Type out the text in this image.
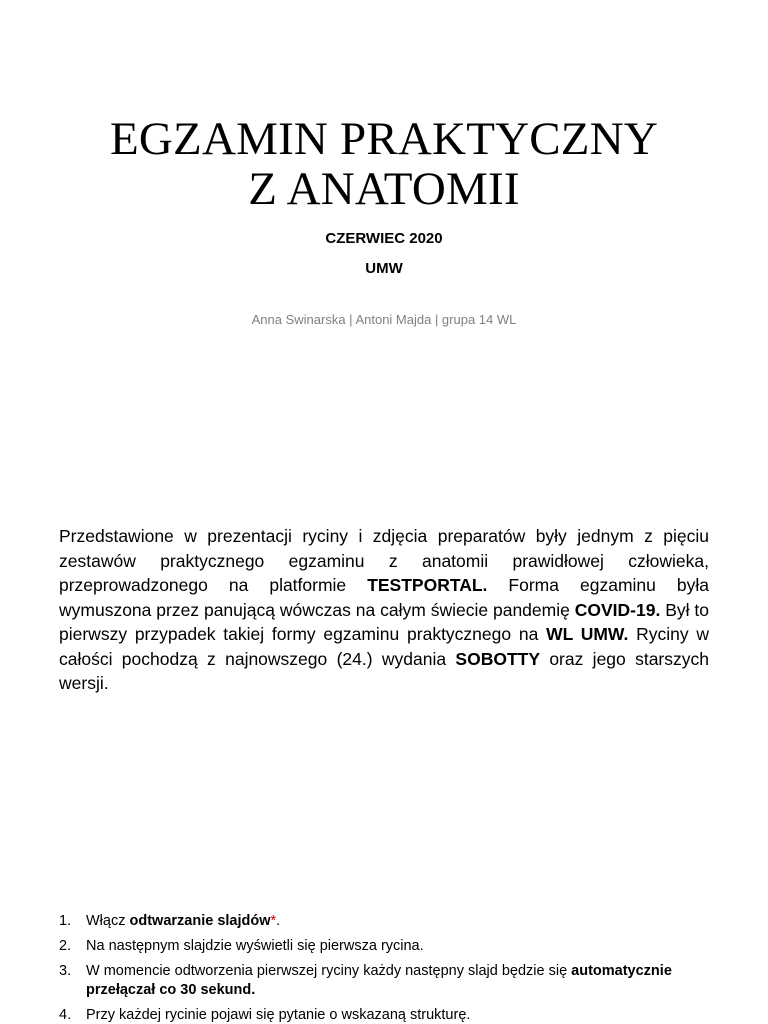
EGZAMIN PRAKTYCZNY
Z ANATOMII
CZERWIEC 2020
UMW
Anna Swinarska | Antoni Majda | grupa 14 WL

Przedstawione w prezentacji ryciny i zdjęcia preparatów były jednym z pięciu zestawów praktycznego egzaminu z anatomii prawidłowej człowieka, przeprowadzonego na platformie TESTPORTAL. Forma egzaminu była wymuszona przez panującą wówczas na całym świecie pandemię COVID-19. Był to pierwszy przypadek takiej formy egzaminu praktycznego na WL UMW. Ryciny w całości pochodzą z najnowszego (24.) wydania SOBOTTY oraz jego starszych wersji.

1. Włącz odtwarzanie slajdów*.
2. Na następnym slajdzie wyświetli się pierwsza rycina.
3. W momencie odtworzenia pierwszej ryciny każdy następny slajd będzie się automatycznie przełączał co 30 sekund.
4. Przy każdej rycinie pojawi się pytanie o wskazaną strukturę.
